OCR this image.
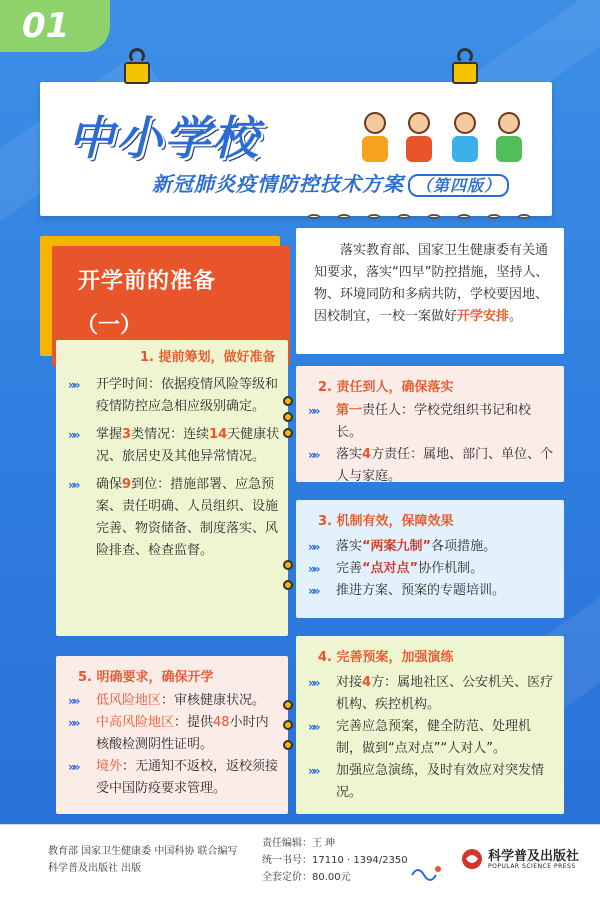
01
中小学校
新冠肺炎疫情防控技术方案 （第四版）
开学前的准备
（一）
落实教育部、国家卫生健康委有关通知要求，落实“四早”防控措施，坚持人、物、环境同防和多病共防，学校要因地、因校制宜，一校一案做好开学安排。
1. 提前筹划，做好准备
»» 开学时间：依据疫情风险等级和疫情防控应急相应级别确定。
»» 掌握3类情况：连续14天健康状况、旅居史及其他异常情况。
»» 确保9到位：措施部署、应急预案、责任明确、人员组织、设施完善、物资储备、制度落实、风险排查、检查监督。
2. 责任到人，确保落实
»» 第一责任人：学校党组织书记和校长。
»» 落实4方责任：属地、部门、单位、个人与家庭。
3. 机制有效，保障效果
»» 落实“两案九制”各项措施。
»» 完善“点对点”协作机制。
»» 推进方案、预案的专题培训。
4. 完善预案，加强演练
»» 对接4方：属地社区、公安机关、医疗机构、疾控机构。
»» 完善应急预案，健全防范、处理机制，做到“点对点”“人对人”。
»» 加强应急演练，及时有效应对突发情况。
5. 明确要求，确保开学
»» 低风险地区：审核健康状况。
»» 中高风险地区：提供48小时内核酸检测阴性证明。
»» 境外：无通知不返校，返校须接受中国防疫要求管理。
教育部 国家卫生健康委 中国科协 联合编写
科学普及出版社 出版
责任编辑：王 珅
统一书号：17110 · 1394/2350
全套定价：80.00元
科学普及出版社
POPULAR SCIENCE PRESS
